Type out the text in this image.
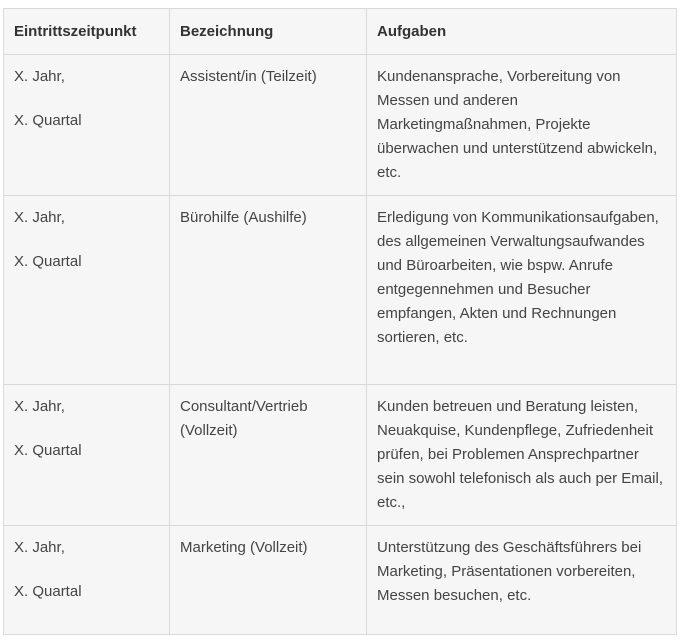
Eintrittszeitpunkt	Bezeichnung	Aufgaben

X. Jahr,
X. Quartal	Assistent/in (Teilzeit)	Kundenansprache, Vorbereitung von Messen und anderen Marketingmaßnahmen, Projekte überwachen und unterstützend abwickeln, etc.

X. Jahr,
X. Quartal	Bürohilfe (Aushilfe)	Erledigung von Kommunikationsaufgaben, des allgemeinen Verwaltungsaufwandes und Büroarbeiten, wie bspw. Anrufe entgegennehmen und Besucher empfangen, Akten und Rechnungen sortieren, etc.

X. Jahr,
X. Quartal	Consultant/Vertrieb (Vollzeit)	Kunden betreuen und Beratung leisten, Neuakquise, Kundenpflege, Zufriedenheit prüfen, bei Problemen Ansprechpartner sein sowohl telefonisch als auch per Email, etc.,

X. Jahr,
X. Quartal	Marketing (Vollzeit)	Unterstützung des Geschäftsführers bei Marketing, Präsentationen vorbereiten, Messen besuchen, etc.
